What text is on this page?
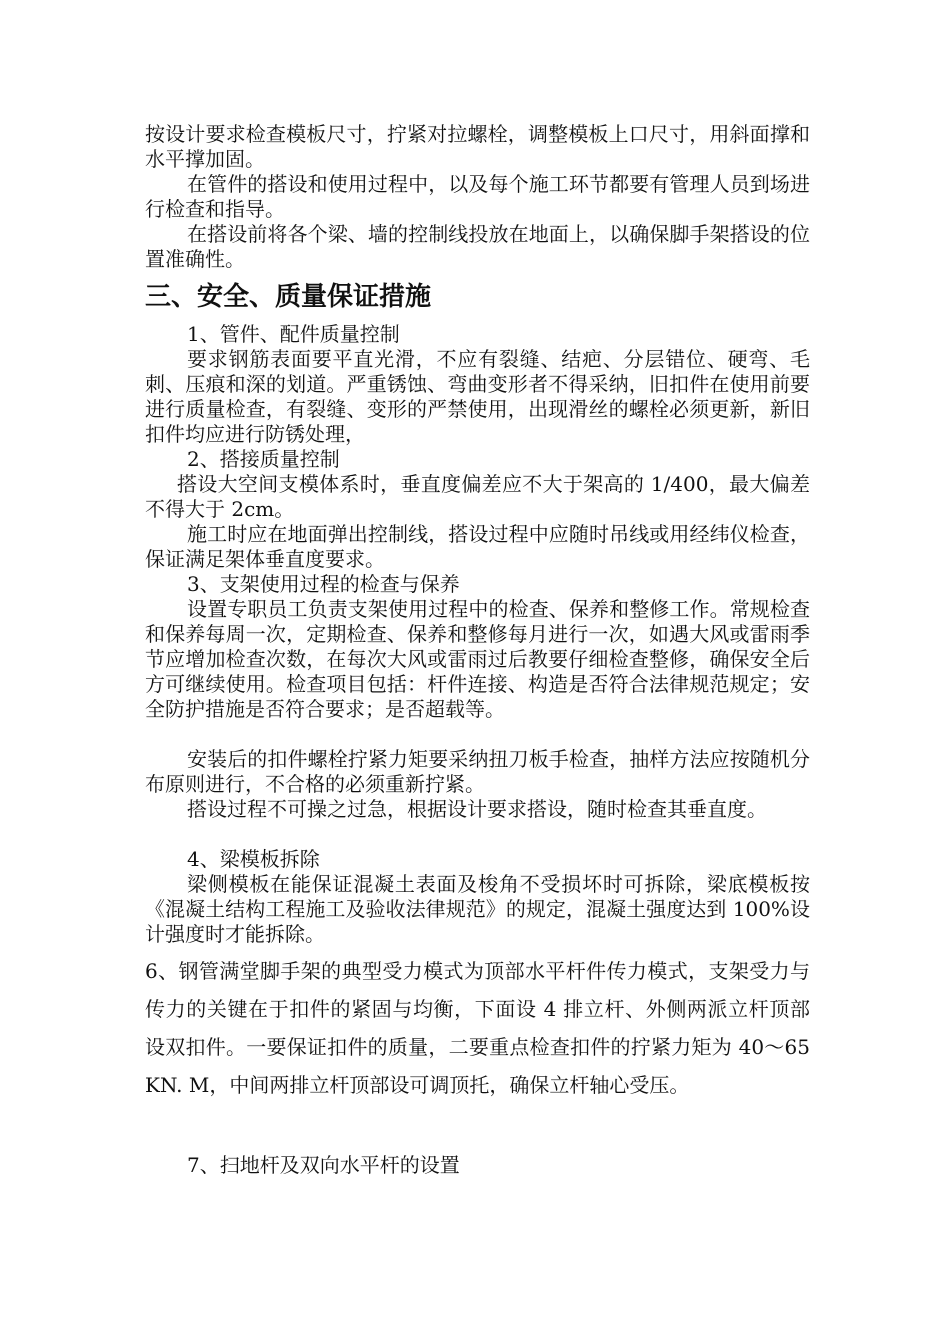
按设计要求检查模板尺寸，拧紧对拉螺栓，调整模板上口尺寸，用斜面撑和水平撑加固。

在管件的搭设和使用过程中，以及每个施工环节都要有管理人员到场进行检查和指导。

在搭设前将各个梁、墙的控制线投放在地面上，以确保脚手架搭设的位置准确性。

三、安全、质量保证措施

1、管件、配件质量控制

要求钢筋表面要平直光滑，不应有裂缝、结疤、分层错位、硬弯、毛刺、压痕和深的划道。严重锈蚀、弯曲变形者不得采纳，旧扣件在使用前要进行质量检查，有裂缝、变形的严禁使用，出现滑丝的螺栓必须更新，新旧扣件均应进行防锈处理，

2、搭接质量控制

搭设大空间支模体系时，垂直度偏差应不大于架高的 1/400，最大偏差不得大于 2cm。

施工时应在地面弹出控制线，搭设过程中应随时吊线或用经纬仪检查，保证满足架体垂直度要求。

3、支架使用过程的检查与保养

设置专职员工负责支架使用过程中的检查、保养和整修工作。常规检查和保养每周一次，定期检查、保养和整修每月进行一次，如遇大风或雷雨季节应增加检查次数，在每次大风或雷雨过后教要仔细检查整修，确保安全后方可继续使用。检查项目包括：杆件连接、构造是否符合法律规范规定；安全防护措施是否符合要求；是否超载等。

安装后的扣件螺栓拧紧力矩要采纳扭刀板手检查，抽样方法应按随机分布原则进行，不合格的必须重新拧紧。

搭设过程不可操之过急，根据设计要求搭设，随时检查其垂直度。

4、梁模板拆除

梁侧模板在能保证混凝土表面及梭角不受损坏时可拆除，梁底模板按《混凝土结构工程施工及验收法律规范》的规定，混凝土强度达到 100%设计强度时才能拆除。

6、钢管满堂脚手架的典型受力模式为顶部水平杆件传力模式，支架受力与传力的关键在于扣件的紧固与均衡，下面设 4 排立杆、外侧两派立杆顶部设双扣件。一要保证扣件的质量，二要重点检查扣件的拧紧力矩为 40～65KN. M，中间两排立杆顶部设可调顶托，确保立杆轴心受压。

7、扫地杆及双向水平杆的设置
